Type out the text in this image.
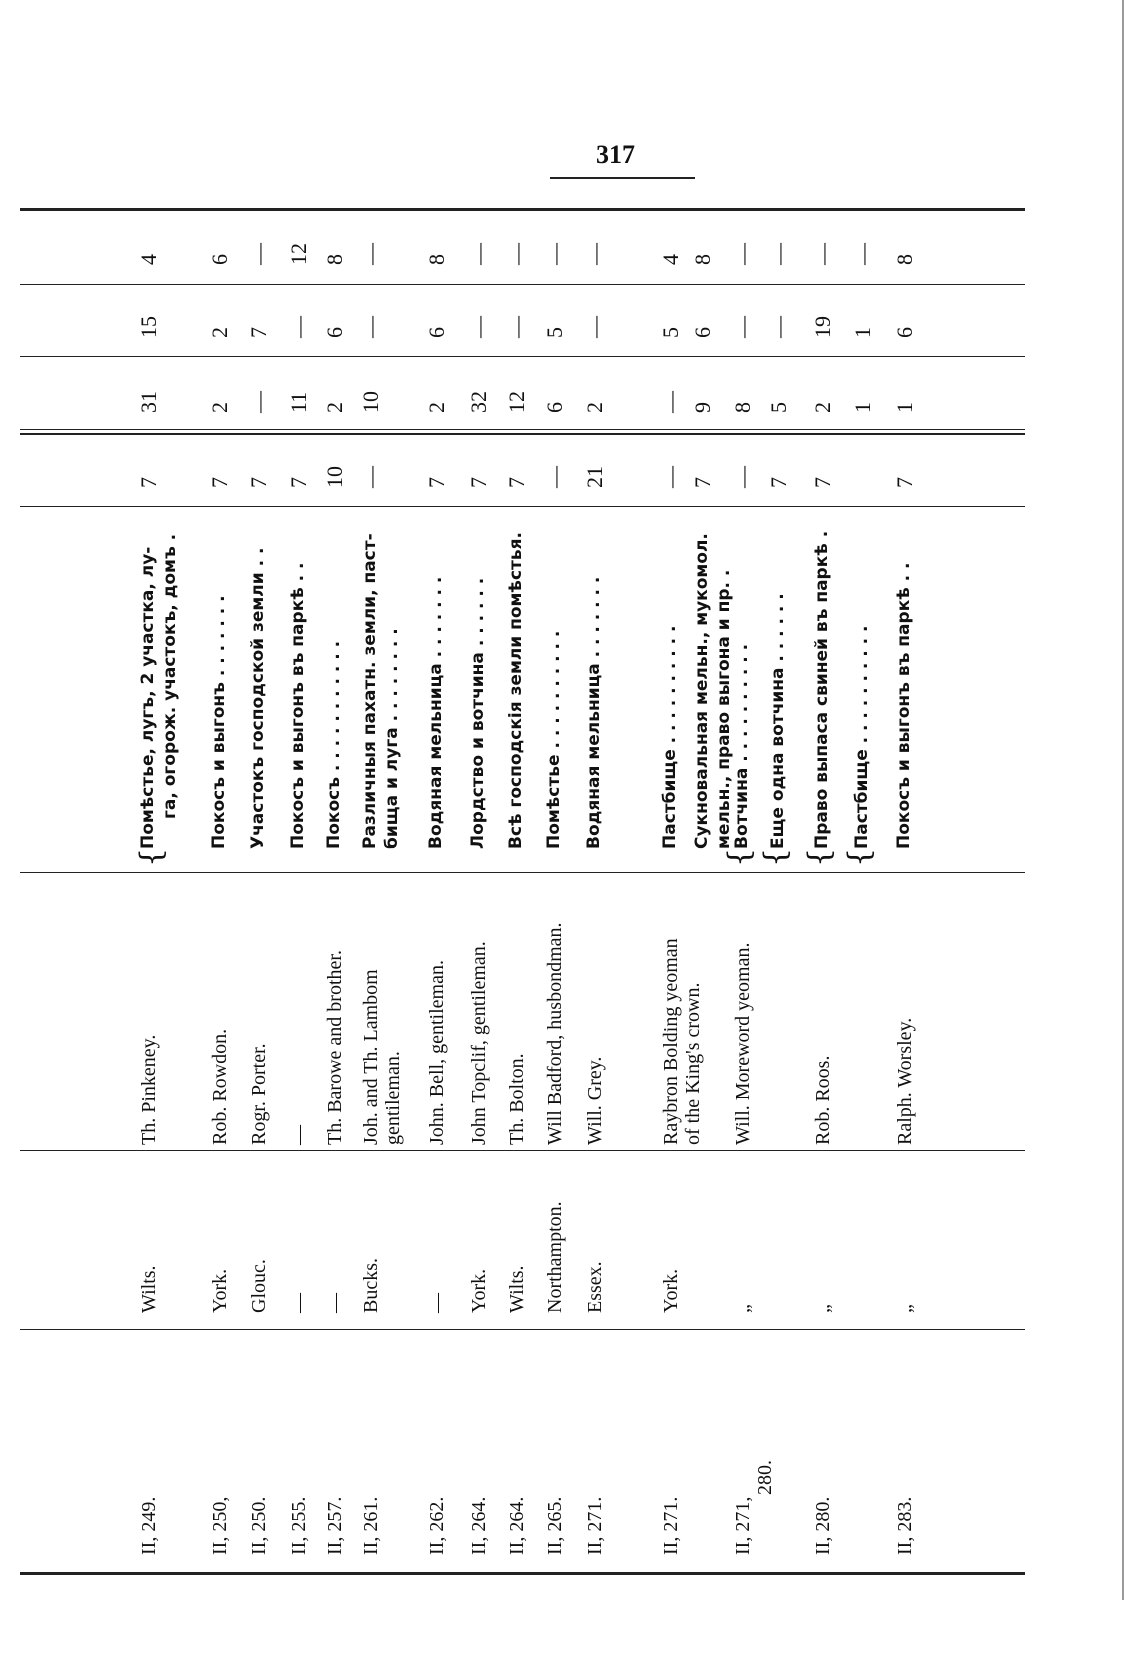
317
II, 249.
Wilts.
Th. Pinkeney.
{
Помѣстье, лугъ, 2 участка, лу- га, огорож. участокъ, домъ .
7
31
15
4
II, 250,
York.
Rob. Rowdon.
Покосъ и выгонъ . . . . . . .
7
2
2
6
II, 250.
Glouc.
Rogr. Porter.
Участокъ господской земли . .
7
—
7
—
II, 255.
—
—
Покосъ и выгонъ въ паркѣ . .
7
11
—
12
II, 257.
—
Th. Barowe and brother.
Покосъ . . . . . . . . . . .
10
2
6
8
II, 261.
Bucks.
Joh. and Th. Lambom gentileman.
Различныя пахатн. земли, паст- бища и луга . . . . . . . .
—
10
—
—
II, 262.
—
John. Bell, gentileman.
Водяная мельница . . . . . . .
7
2
6
8
II, 264.
York.
John Topclif, gentileman.
Лордство и вотчина . . . . . .
7
32
—
—
II, 264.
Wilts.
Th. Bolton.
Всѣ господскія земли помѣстья.
7
12
—
—
II, 265.
Northampton.
Will Badford, husbondman.
Помѣстье . . . . . . . . . .
—
6
5
—
II, 271.
Essex.
Will. Grey.
Водяная мельница . . . . . . .
21
2
—
—
II, 271.
York.
Raybron Bolding yeoman of the King's crown.
Пастбище . . . . . . . . . .
—
—
5
4
Сукновальная мельн., мукомол. мельн., право выгона и пр. .
7
9
6
8
II, 271,
280.
„
Will. Moreword yeoman.
{
Вотчина . . . . . . . . . .
—
8
—
—
{
Еще одна вотчина . . . . . .
7
5
—
—
II, 280.
„
Rob. Roos.
{
Право выпаса свиней въ паркѣ .
7
2
19
—
{
Пастбище . . . . . . . . . .
1
1
—
II, 283.
„
Ralph. Worsley.
Покосъ и выгонъ въ паркѣ . .
7
1
6
8
